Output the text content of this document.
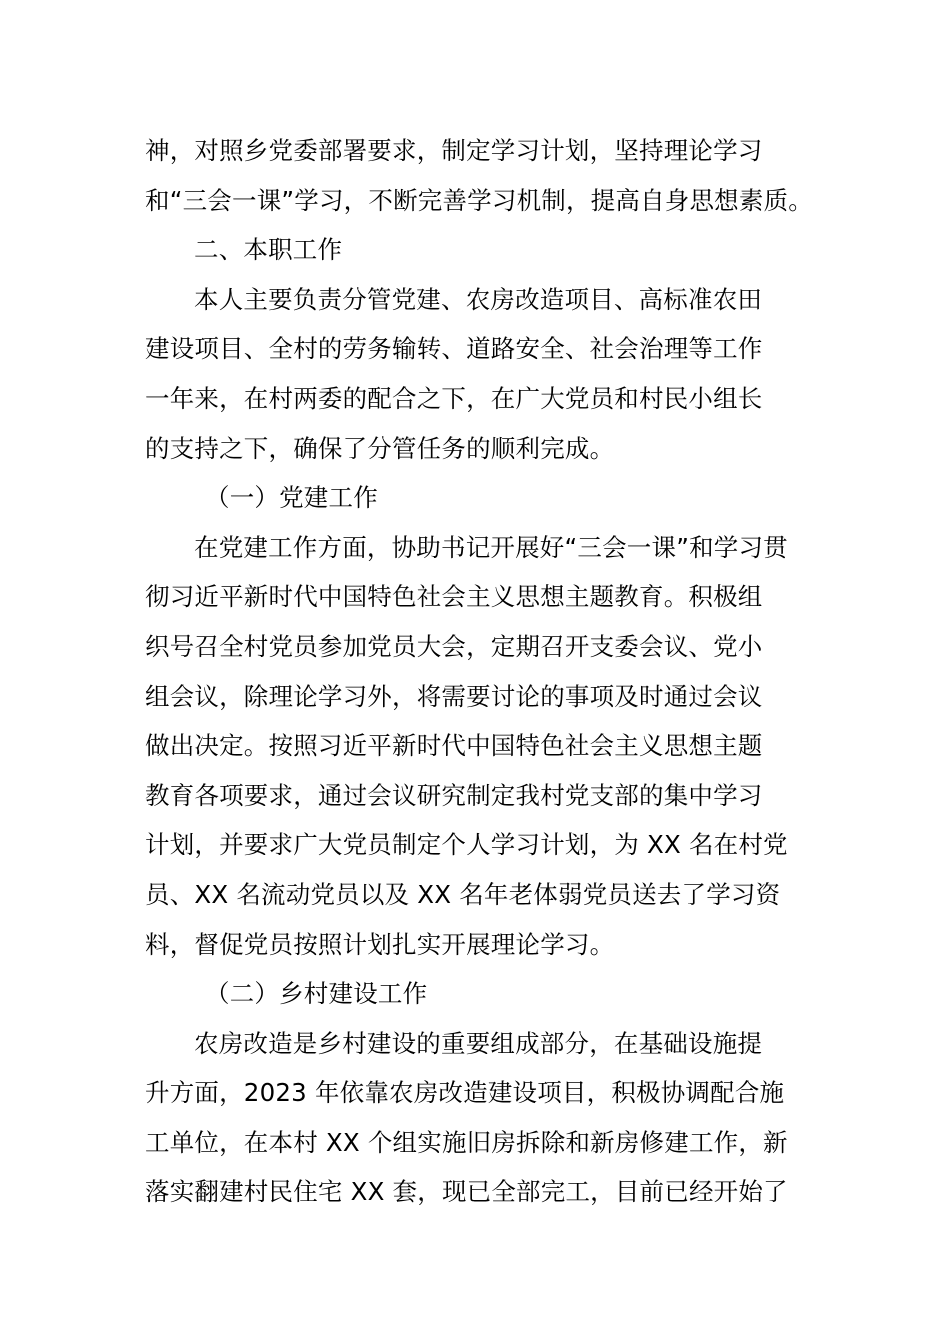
神，对照乡党委部署要求，制定学习计划，坚持理论学习
和“三会一课”学习，不断完善学习机制，提高自身思想素质。
二、本职工作
本人主要负责分管党建、农房改造项目、高标准农田
建设项目、全村的劳务输转、道路安全、社会治理等工作
一年来，在村两委的配合之下，在广大党员和村民小组长
的支持之下，确保了分管任务的顺利完成。
（一）党建工作
在党建工作方面，协助书记开展好“三会一课”和学习贯
彻习近平新时代中国特色社会主义思想主题教育。积极组
织号召全村党员参加党员大会，定期召开支委会议、党小
组会议，除理论学习外，将需要讨论的事项及时通过会议
做出决定。按照习近平新时代中国特色社会主义思想主题
教育各项要求，通过会议研究制定我村党支部的集中学习
计划，并要求广大党员制定个人学习计划，为 XX 名在村党
员、XX 名流动党员以及 XX 名年老体弱党员送去了学习资
料，督促党员按照计划扎实开展理论学习。
（二）乡村建设工作
农房改造是乡村建设的重要组成部分，在基础设施提
升方面，2023 年依靠农房改造建设项目，积极协调配合施
工单位，在本村 XX 个组实施旧房拆除和新房修建工作，新
落实翻建村民住宅 XX 套，现已全部完工，目前已经开始了
